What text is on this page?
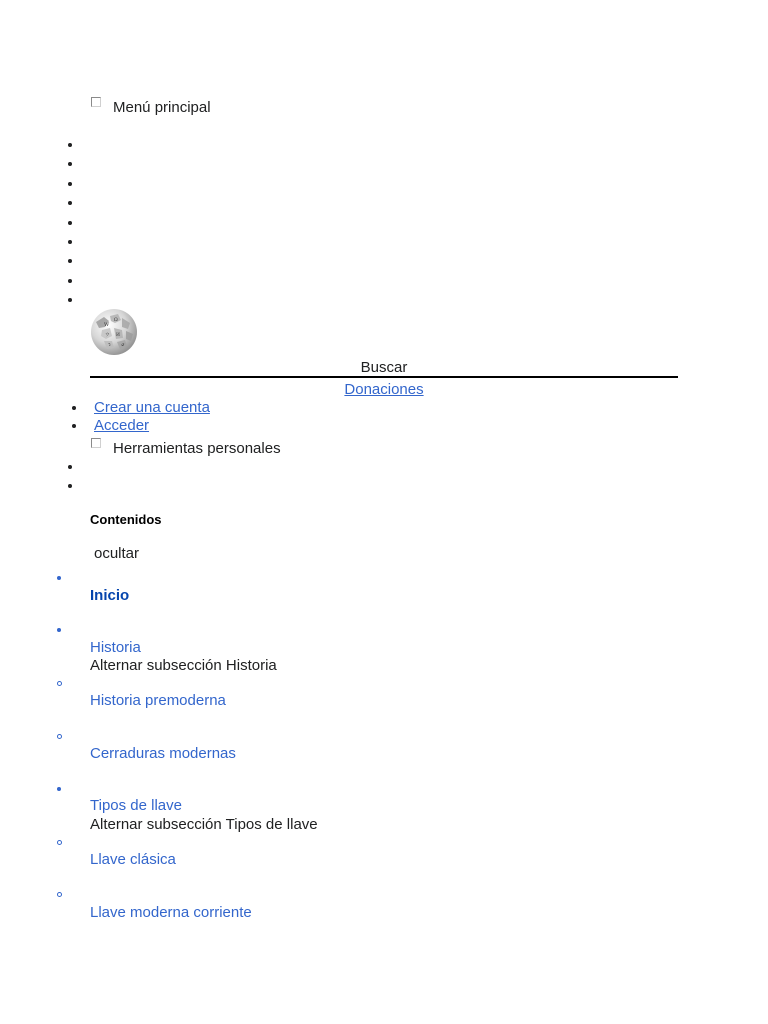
Menú principal
W
Ω
ウ И
ว ي
Buscar
Donaciones
Crear una cuenta
Acceder
Herramientas personales
Contenidos
ocultar
Inicio
Historia
Alternar subsección Historia
Historia premoderna
Cerraduras modernas
Tipos de llave
Alternar subsección Tipos de llave
Llave clásica
Llave moderna corriente
